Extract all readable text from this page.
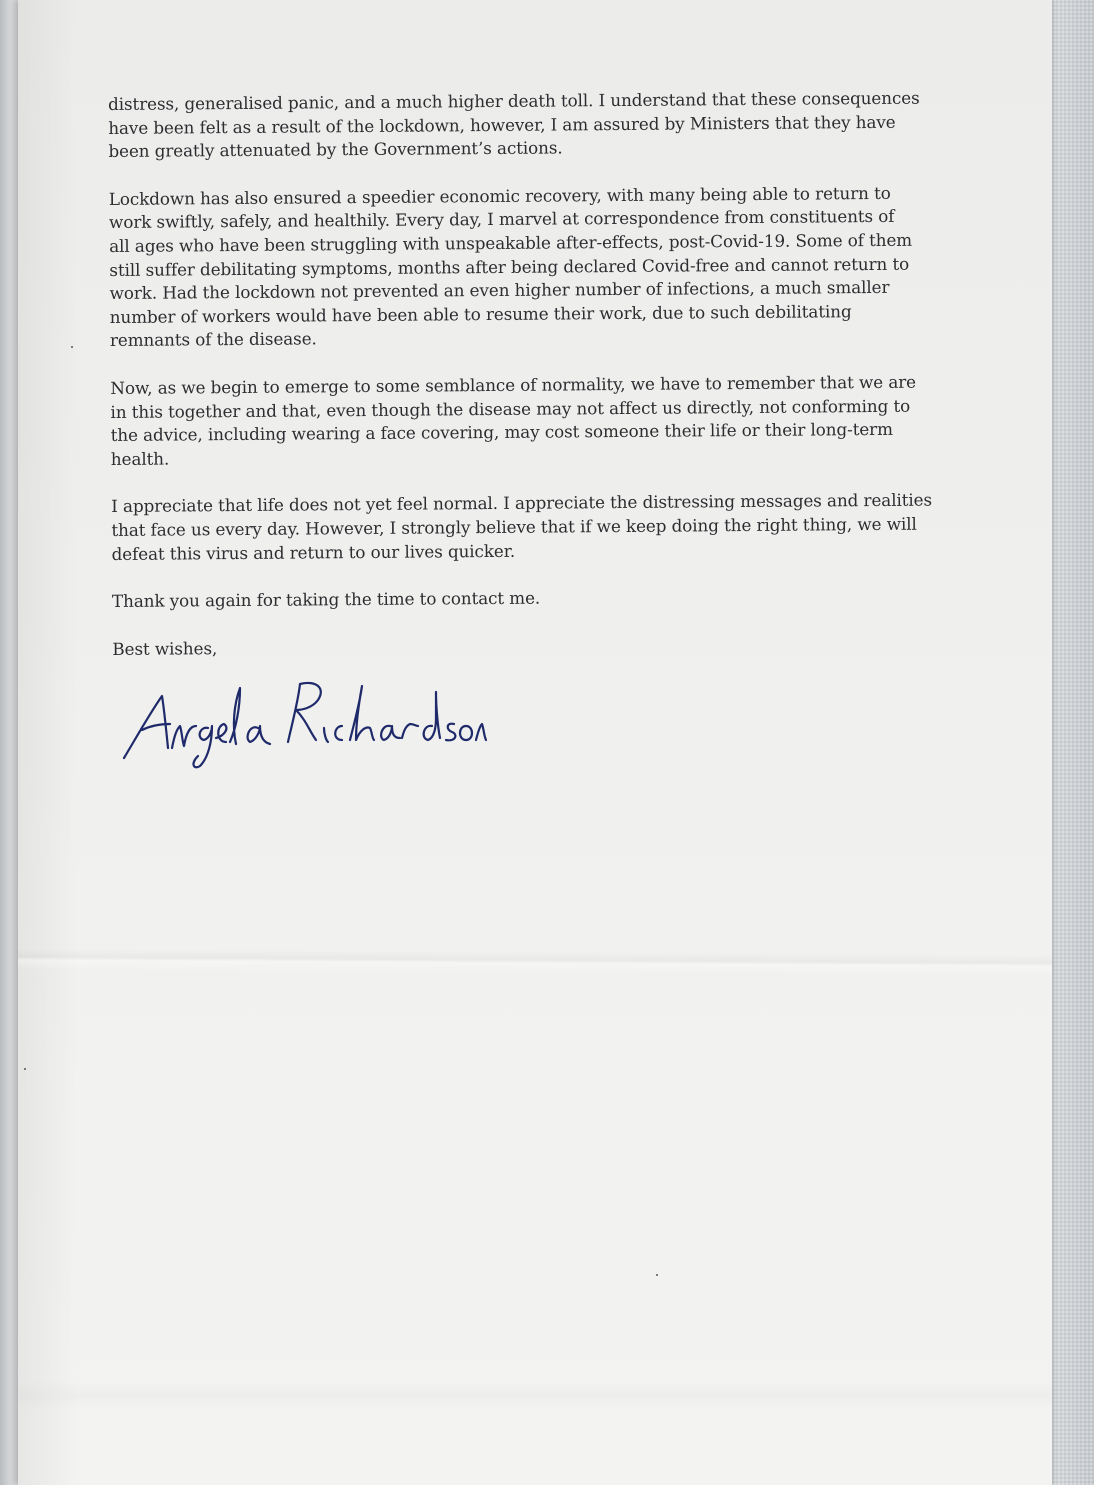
distress, generalised panic, and a much higher death toll. I understand that these consequences
have been felt as a result of the lockdown, however, I am assured by Ministers that they have
been greatly attenuated by the Government’s actions.
Lockdown has also ensured a speedier economic recovery, with many being able to return to
work swiftly, safely, and healthily. Every day, I marvel at correspondence from constituents of
all ages who have been struggling with unspeakable after-effects, post-Covid-19. Some of them
still suffer debilitating symptoms, months after being declared Covid-free and cannot return to
work. Had the lockdown not prevented an even higher number of infections, a much smaller
number of workers would have been able to resume their work, due to such debilitating
remnants of the disease.
Now, as we begin to emerge to some semblance of normality, we have to remember that we are
in this together and that, even though the disease may not affect us directly, not conforming to
the advice, including wearing a face covering, may cost someone their life or their long-term
health.
I appreciate that life does not yet feel normal. I appreciate the distressing messages and realities
that face us every day. However, I strongly believe that if we keep doing the right thing, we will
defeat this virus and return to our lives quicker.
Thank you again for taking the time to contact me.
Best wishes,
